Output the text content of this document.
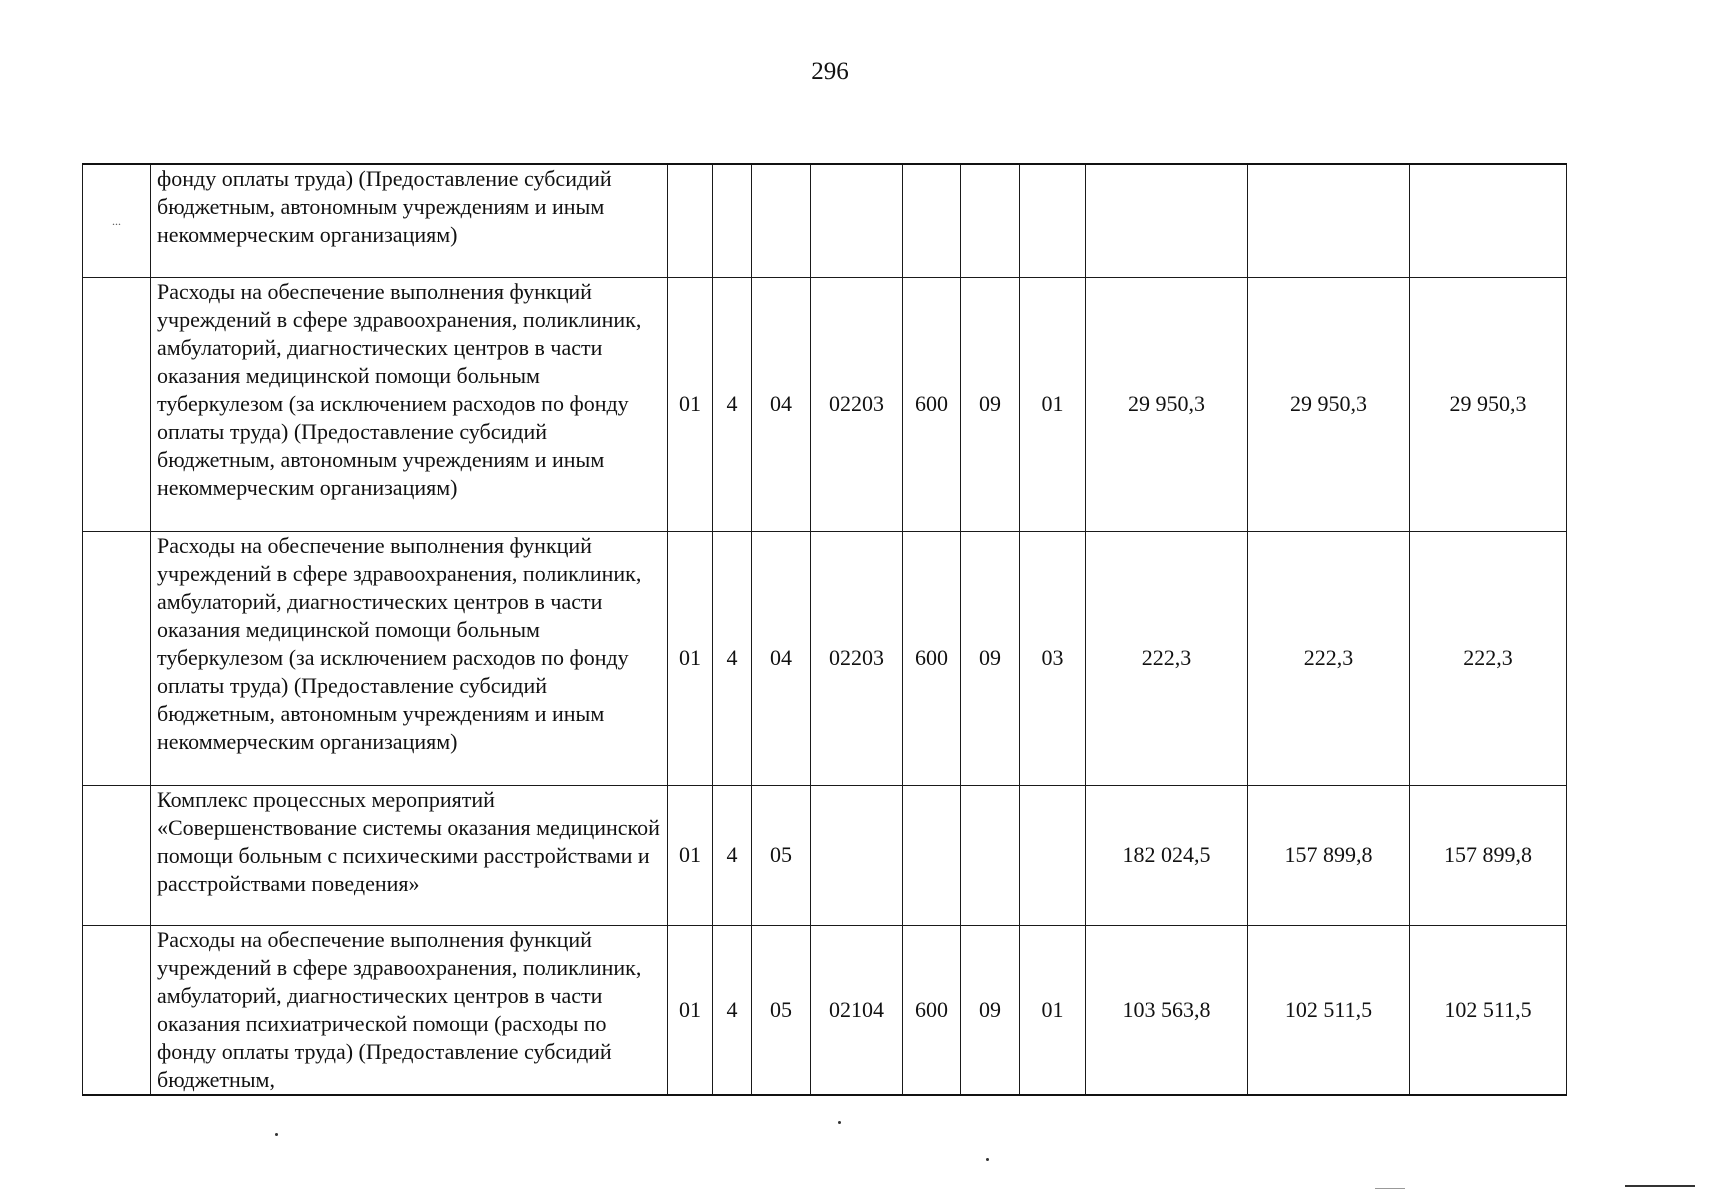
296
...	фонду оплаты труда) (Предоставление субсидий бюджетным, автономным учреждениям и иным некоммерческим организациям)										
	Расходы на обеспечение выполнения функций учреждений в сфере здравоохранения, поликлиник, амбулаторий, диагностических центров в части оказания медицинской помощи больным туберкулезом (за исключением расходов по фонду оплаты труда) (Предоставление субсидий бюджетным, автономным учреждениям и иным некоммерческим организациям)	01	4	04	02203	600	09	01	29 950,3	29 950,3	29 950,3
	Расходы на обеспечение выполнения функций учреждений в сфере здравоохранения, поликлиник, амбулаторий, диагностических центров в части оказания медицинской помощи больным туберкулезом (за исключением расходов по фонду оплаты труда) (Предоставление субсидий бюджетным, автономным учреждениям и иным некоммерческим организациям)	01	4	04	02203	600	09	03	222,3	222,3	222,3
	Комплекс процессных мероприятий «Совершенствование системы оказания медицинской помощи больным с психическими расстройствами и расстройствами поведения»	01	4	05					182 024,5	157 899,8	157 899,8
	Расходы на обеспечение выполнения функций учреждений в сфере здравоохранения, поликлиник, амбулаторий, диагностических центров в части оказания психиатрической помощи (расходы по фонду оплаты труда) (Предоставление субсидий бюджетным,	01	4	05	02104	600	09	01	103 563,8	102 511,5	102 511,5
